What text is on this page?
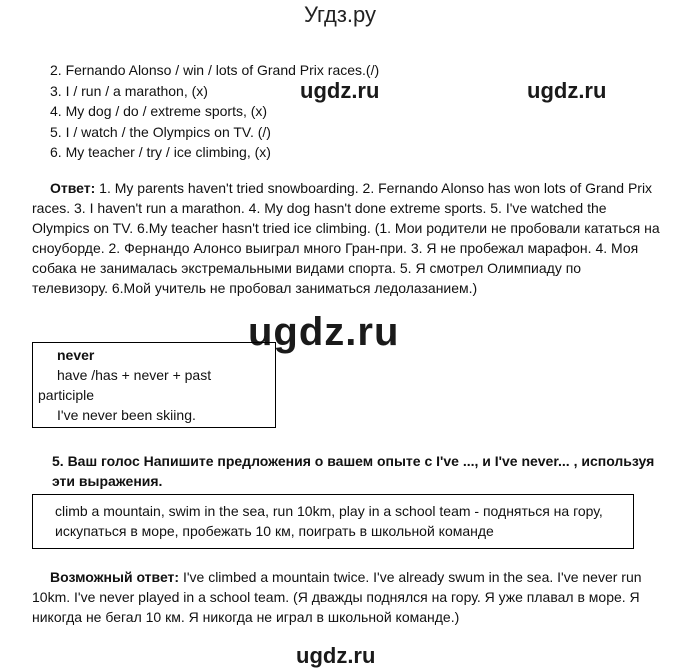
Угдз.ру
ugdz.ru	ugdz.ru
ugdz.ru
ugdz.ru
2. Fernando Alonso / win / lots of Grand Prix races.(/)
3. I / run / a marathon, (x)
4. My dog / do / extreme sports, (x)
5. I / watch / the Olympics on TV. (/)
6. My teacher / try / ice climbing, (x)
Ответ: 1. My parents haven't tried snowboarding. 2. Fernando Alonso has won lots of Grand Prix races. 3. I haven't run a marathon. 4. My dog hasn't done extreme sports. 5. I've watched the Olympics on TV. 6.My teacher hasn't tried ice climbing. (1. Мои родители не пробовали кататься на сноуборде. 2. Фернандо Алонсо выиграл много Гран-при. 3. Я не пробежал марафон. 4. Моя собака не занималась экстремальными видами спорта. 5. Я смотрел Олимпиаду по телевизору. 6.Мой учитель не пробовал заниматься ледолазанием.)
never
have /has + never + past
participle
I've never been skiing.
5. Ваш голос Напишите предложения о вашем опыте с I've ..., и I've never... , используя эти выражения.
climb a mountain, swim in the sea, run 10km, play in a school team - подняться на гору, искупаться в море, пробежать 10 км, поиграть в школьной команде
Возможный ответ: I've climbed a mountain twice. I've already swum in the sea. I've never run 10km. I've never played in a school team. (Я дважды поднялся на гору. Я уже плавал в море. Я никогда не бегал 10 км. Я никогда не играл в школьной команде.)
